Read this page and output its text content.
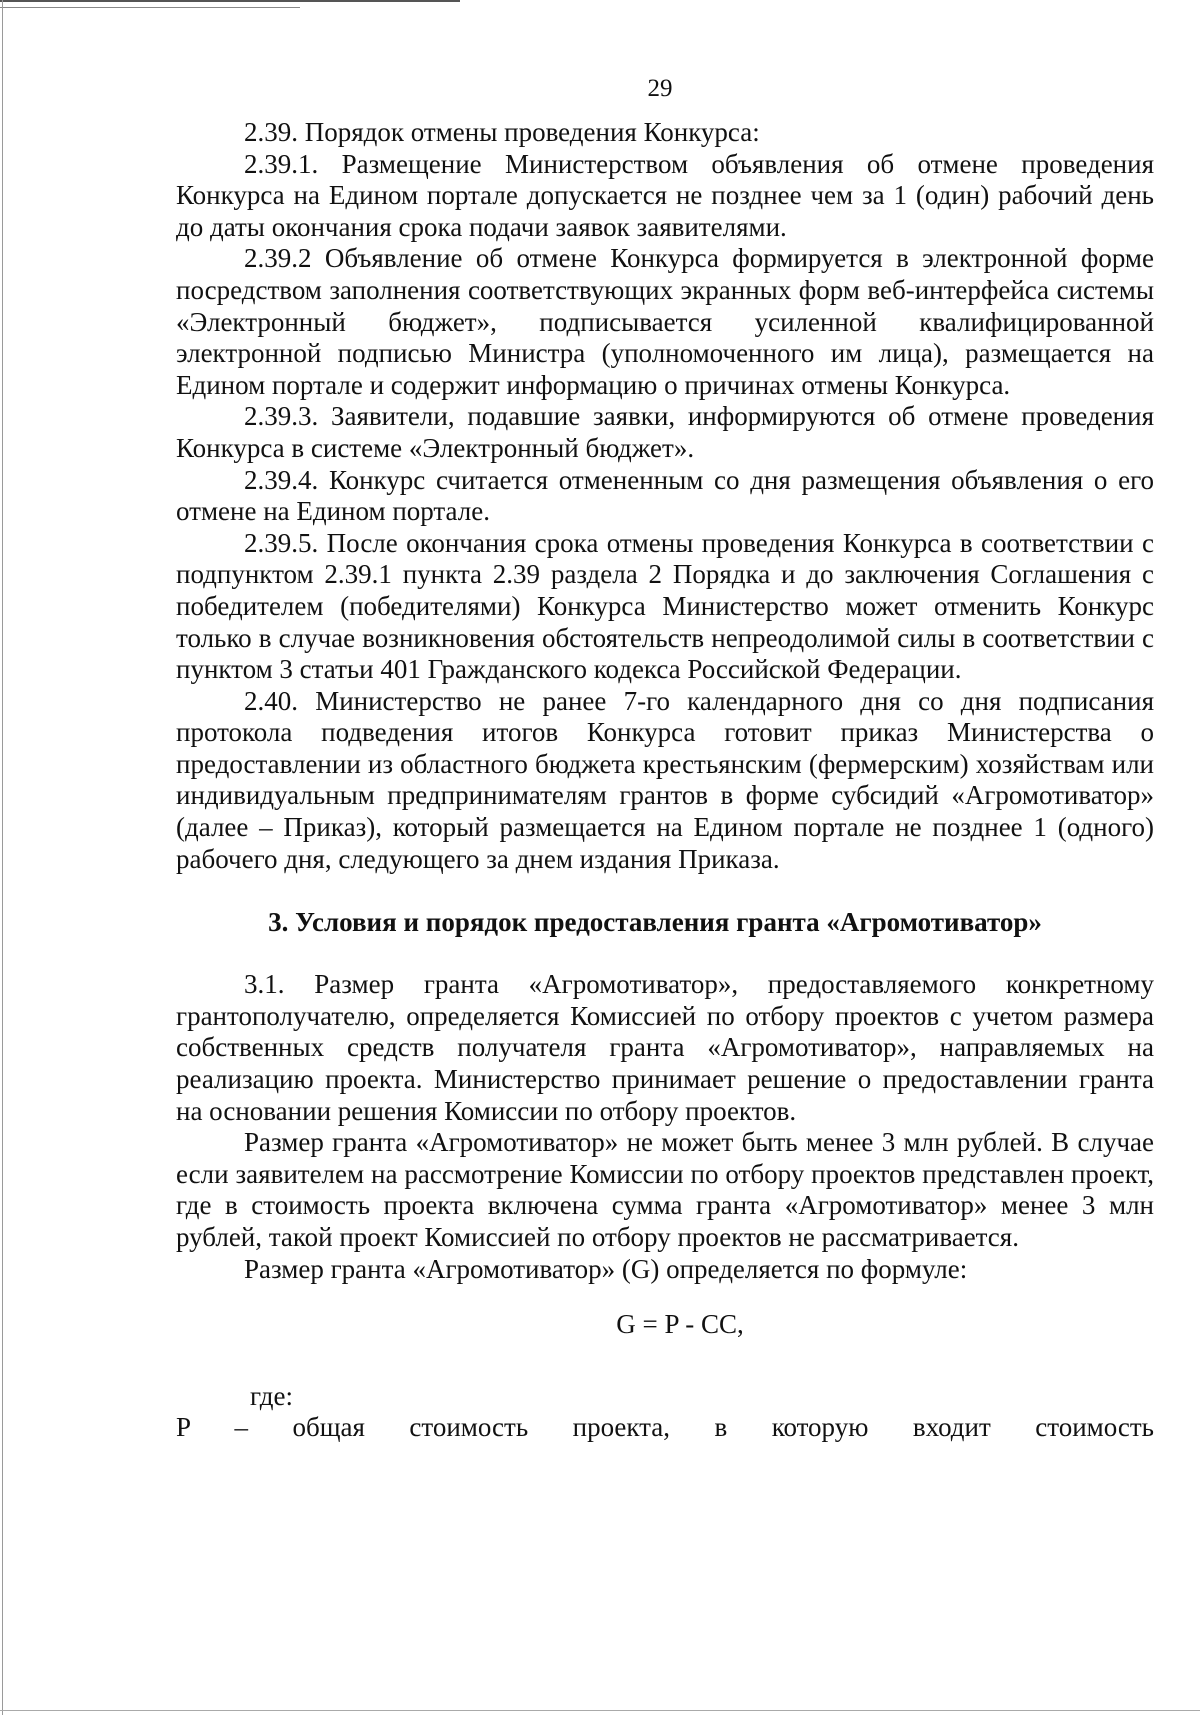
29

2.39. Порядок отмены проведения Конкурса:

2.39.1. Размещение Министерством объявления об отмене проведения Конкурса на Едином портале допускается не позднее чем за 1 (один) рабочий день до даты окончания срока подачи заявок заявителями.

2.39.2 Объявление об отмене Конкурса формируется в электронной форме посредством заполнения соответствующих экранных форм веб-интерфейса системы «Электронный бюджет», подписывается усиленной квалифицированной электронной подписью Министра (уполномоченного им лица), размещается на Едином портале и содержит информацию о причинах отмены Конкурса.

2.39.3. Заявители, подавшие заявки, информируются об отмене проведения Конкурса в системе «Электронный бюджет».

2.39.4. Конкурс считается отмененным со дня размещения объявления о его отмене на Едином портале.

2.39.5. После окончания срока отмены проведения Конкурса в соответствии с подпунктом 2.39.1 пункта 2.39 раздела 2 Порядка и до заключения Соглашения с победителем (победителями) Конкурса Министерство может отменить Конкурс только в случае возникновения обстоятельств непреодолимой силы в соответствии с пунктом 3 статьи 401 Гражданского кодекса Российской Федерации.

2.40. Министерство не ранее 7-го календарного дня со дня подписания протокола подведения итогов Конкурса готовит приказ Министерства о предоставлении из областного бюджета крестьянским (фермерским) хозяйствам или индивидуальным предпринимателям грантов в форме субсидий «Агромотиватор» (далее – Приказ), который размещается на Едином портале не позднее 1 (одного) рабочего дня, следующего за днем издания Приказа.

3. Условия и порядок предоставления гранта «Агромотиватор»

3.1. Размер гранта «Агромотиватор», предоставляемого конкретному грантополучателю, определяется Комиссией по отбору проектов с учетом размера собственных средств получателя гранта «Агромотиватор», направляемых на реализацию проекта. Министерство принимает решение о предоставлении гранта на основании решения Комиссии по отбору проектов.

Размер гранта «Агромотиватор» не может быть менее 3 млн рублей. В случае если заявителем на рассмотрение Комиссии по отбору проектов представлен проект, где в стоимость проекта включена сумма гранта «Агромотиватор» менее 3 млн рублей, такой проект Комиссией по отбору проектов не рассматривается.

Размер гранта «Агромотиватор» (G) определяется по формуле:

G = P - CC,

где:

P – общая стоимость проекта, в которую входит стоимость
